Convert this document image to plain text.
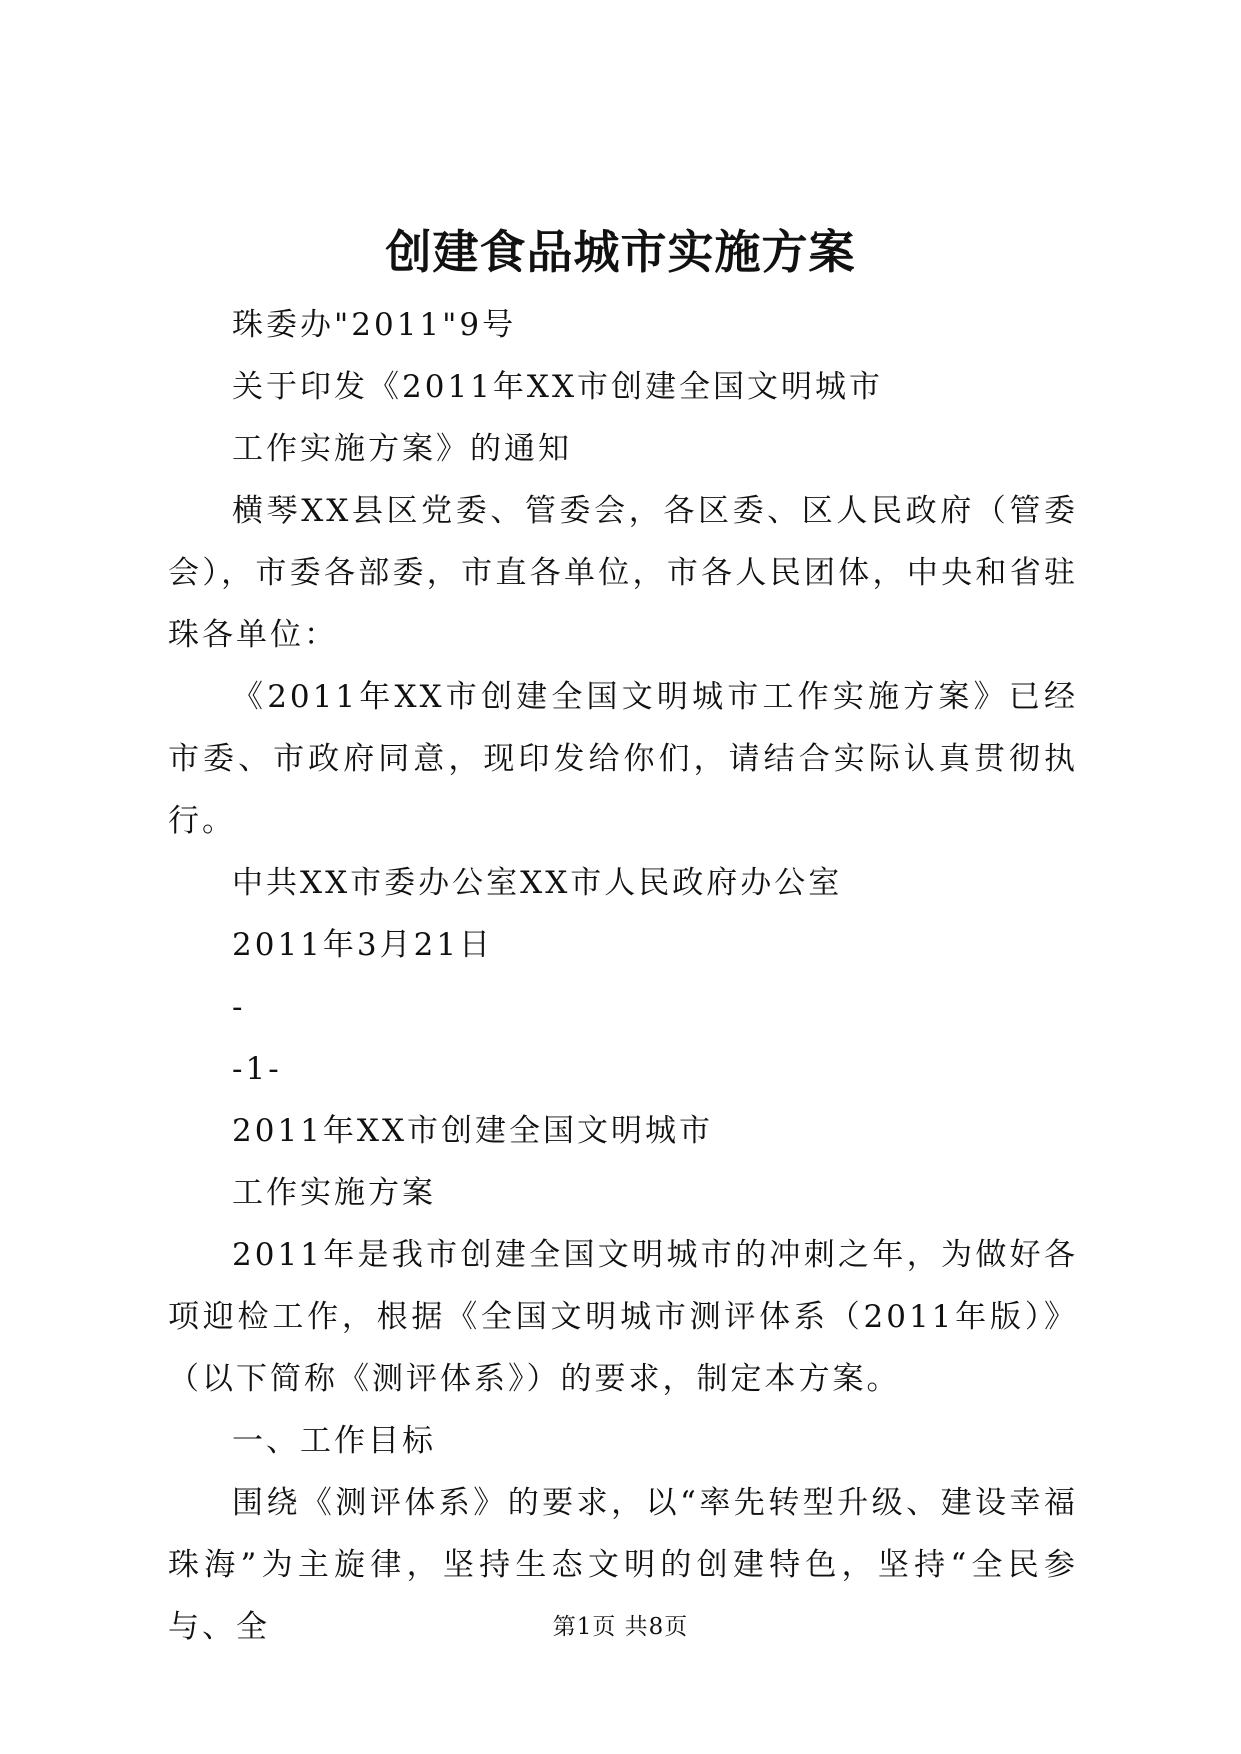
创建食品城市实施方案
珠委办"2011"9号
关于印发《2011年XX市创建全国文明城市
工作实施方案》的通知

横琴XX县区党委、管委会，各区委、区人民政府（管委会），市委各部委，市直各单位，市各人民团体，中央和省驻珠各单位：

《2011年XX市创建全国文明城市工作实施方案》已经市委、市政府同意，现印发给你们，请结合实际认真贯彻执行。

中共XX市委办公室XX市人民政府办公室
2011年3月21日
-
-1-
2011年XX市创建全国文明城市
工作实施方案

2011年是我市创建全国文明城市的冲刺之年，为做好各项迎检工作，根据《全国文明城市测评体系（2011年版）》（以下简称《测评体系》）的要求，制定本方案。

一、工作目标

围绕《测评体系》的要求，以“率先转型升级、建设幸福珠海”为主旋律，坚持生态文明的创建特色，坚持“全民参与、全	第1页 共8页
